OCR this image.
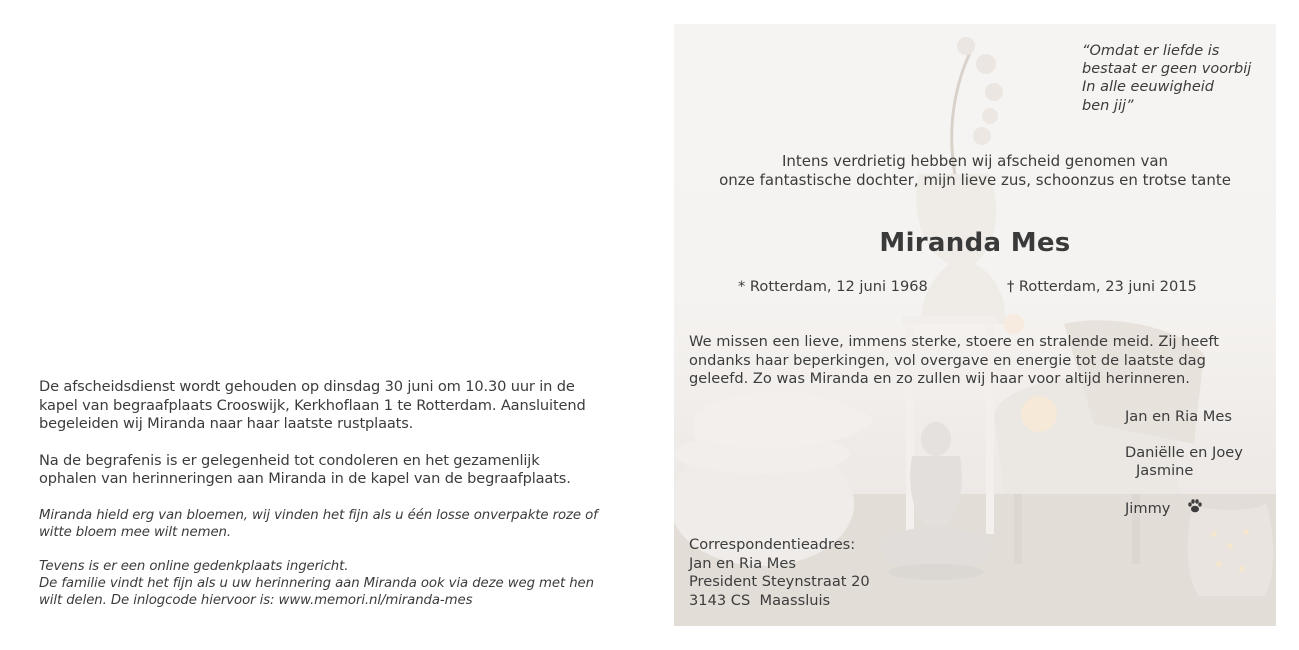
De afscheidsdienst wordt gehouden op dinsdag 30 juni om 10.30 uur in de
kapel van begraafplaats Crooswijk, Kerkhoflaan 1 te Rotterdam. Aansluitend
begeleiden wij Miranda naar haar laatste rustplaats.
Na de begrafenis is er gelegenheid tot condoleren en het gezamenlijk
ophalen van herinneringen aan Miranda in de kapel van de begraafplaats.
Miranda hield erg van bloemen, wij vinden het fijn als u één losse onverpakte roze of
witte bloem mee wilt nemen.
Tevens is er een online gedenkplaats ingericht.
De familie vindt het fijn als u uw herinnering aan Miranda ook via deze weg met hen
wilt delen. De inlogcode hiervoor is: www.memori.nl/miranda-mes
“Omdat er liefde is
bestaat er geen voorbij
In alle eeuwigheid
ben jij”
Intens verdrietig hebben wij afscheid genomen van
onze fantastische dochter, mijn lieve zus, schoonzus en trotse tante
Miranda Mes
* Rotterdam, 12 juni 1968	† Rotterdam, 23 juni 2015
We missen een lieve, immens sterke, stoere en stralende meid. Zij heeft
ondanks haar beperkingen, vol overgave en energie tot de laatste dag
geleefd. Zo was Miranda en zo zullen wij haar voor altijd herinneren.
Jan en Ria Mes
Daniëlle en Joey
Jasmine
Jimmy
Correspondentieadres:
Jan en Ria Mes
President Steynstraat 20
3143 CS  Maassluis
